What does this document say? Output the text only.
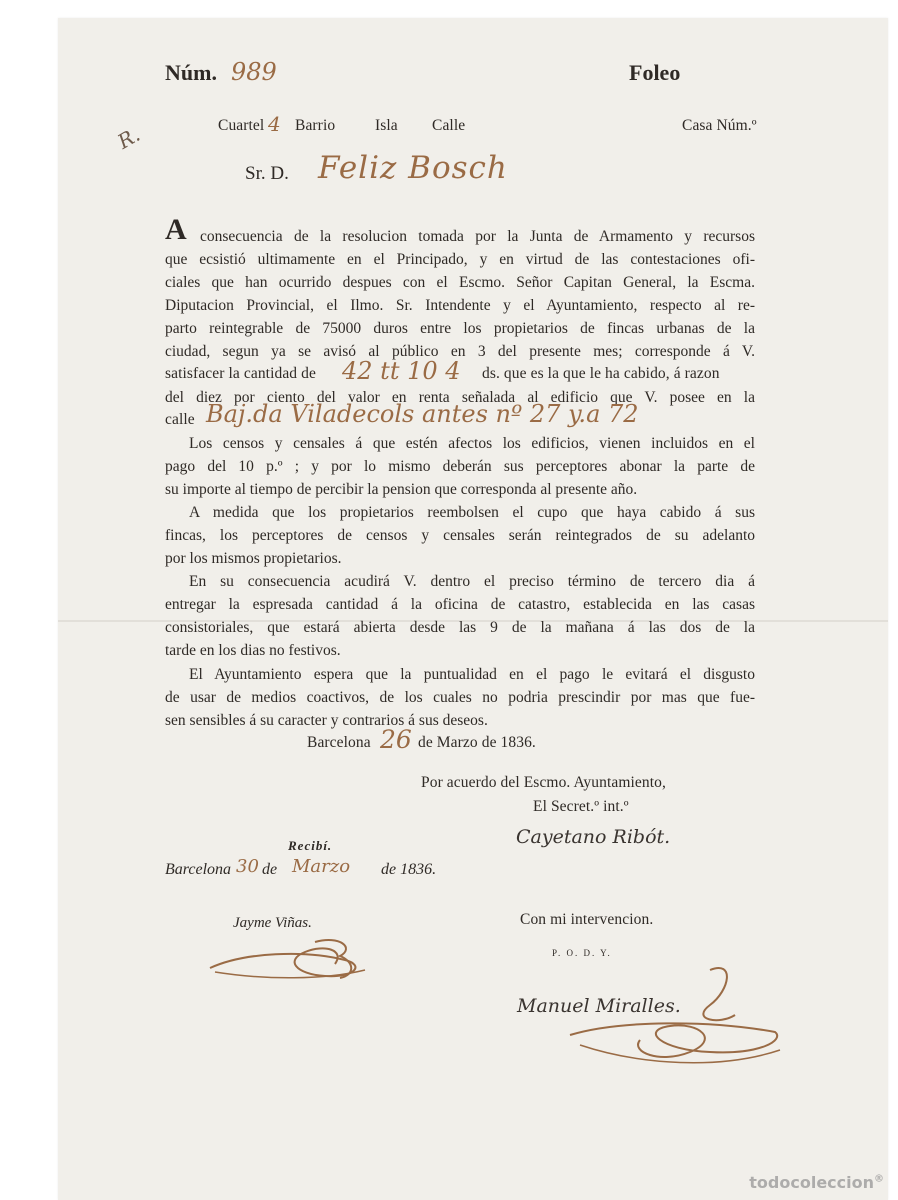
Núm. 989	Foleo
R.	Cuartel 4 Barrio	Isla Calle	Casa Núm.º
Sr. D. Feliz Bosch
A consecuencia de la resolucion tomada por la Junta de Armamento y recursos
que ecsistió ultimamente en el Principado, y en virtud de las contestaciones ofi-
ciales que han ocurrido despues con el Escmo. Señor Capitan General, la Escma.
Diputacion Provincial, el Ilmo. Sr. Intendente y el Ayuntamiento, respecto al re-
parto reintegrable de 75000 duros entre los propietarios de fincas urbanas de la
ciudad, segun ya se avisó al público en 3 del presente mes; corresponde á V.
satisfacer la cantidad de 42 tt 10 4 ds. que es la que le ha cabido, á razon
del diez por ciento del valor en renta señalada al edificio que V. posee en la
calle Baj.da Viladecols antes nº 27 y.a 72
Los censos y censales á que estén afectos los edificios, vienen incluidos en el
pago del 10 p.º ; y por lo mismo deberán sus perceptores abonar la parte de
su importe al tiempo de percibir la pension que corresponda al presente año.
A medida que los propietarios reembolsen el cupo que haya cabido á sus
fincas, los perceptores de censos y censales serán reintegrados de su adelanto
por los mismos propietarios.
En su consecuencia acudirá V. dentro el preciso término de tercero dia á
entregar la espresada cantidad á la oficina de catastro, establecida en las casas
consistoriales, que estará abierta desde las 9 de la mañana á las dos de la
tarde en los dias no festivos.
El Ayuntamiento espera que la puntualidad en el pago le evitará el disgusto
de usar de medios coactivos, de los cuales no podria prescindir por mas que fue-
sen sensibles á su caracter y contrarios á sus deseos.
Barcelona 26 de Marzo de 1836.
Por acuerdo del Escmo. Ayuntamiento,
El Secret.º int.º
Cayetano Ribót.
Recibí.
Barcelona 30 de Marzo de 1836.
Jayme Viñas.	Con mi intervencion.
P. O. D. Y.
Manuel Miralles.
todocoleccion®
